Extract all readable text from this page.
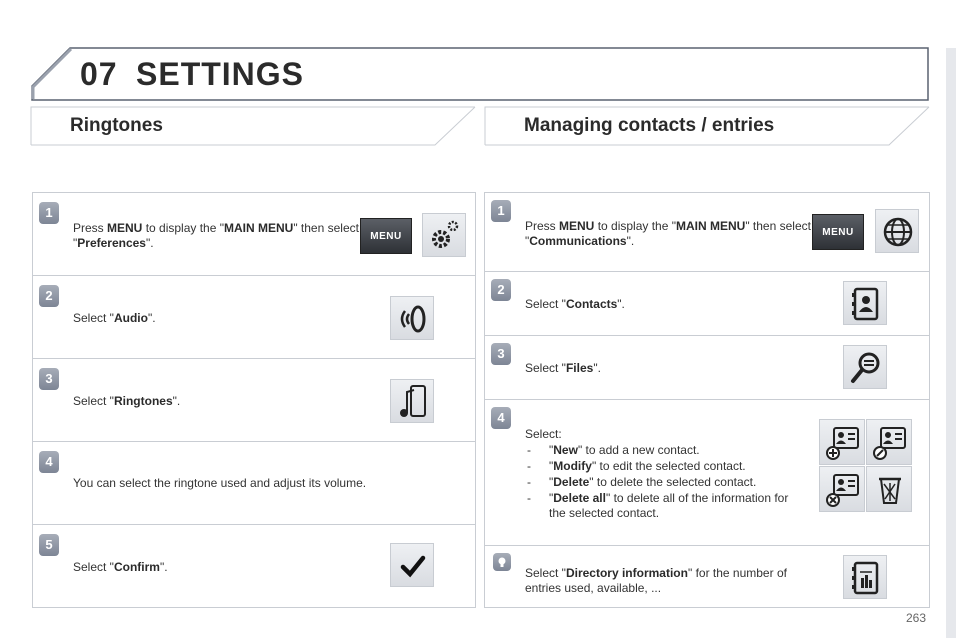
07 SETTINGS
Ringtones	Managing contacts / entries
1
Press MENU to display the "MAIN MENU" then select "Preferences".	MENU
2
Select "Audio".
3
Select "Ringtones".
4
You can select the ringtone used and adjust its volume.
5
Select "Confirm".
1
Press MENU to display the "MAIN MENU" then select "Communications".
MENU
2
Select "Contacts".
3
Select "Files".
4
Select:
- "New" to add a new contact.
- "Modify" to edit the selected contact.
- "Delete" to delete the selected contact.
- "Delete all" to delete all of the information for the selected contact.
Select "Directory information" for the number of entries used, available, ...
263
